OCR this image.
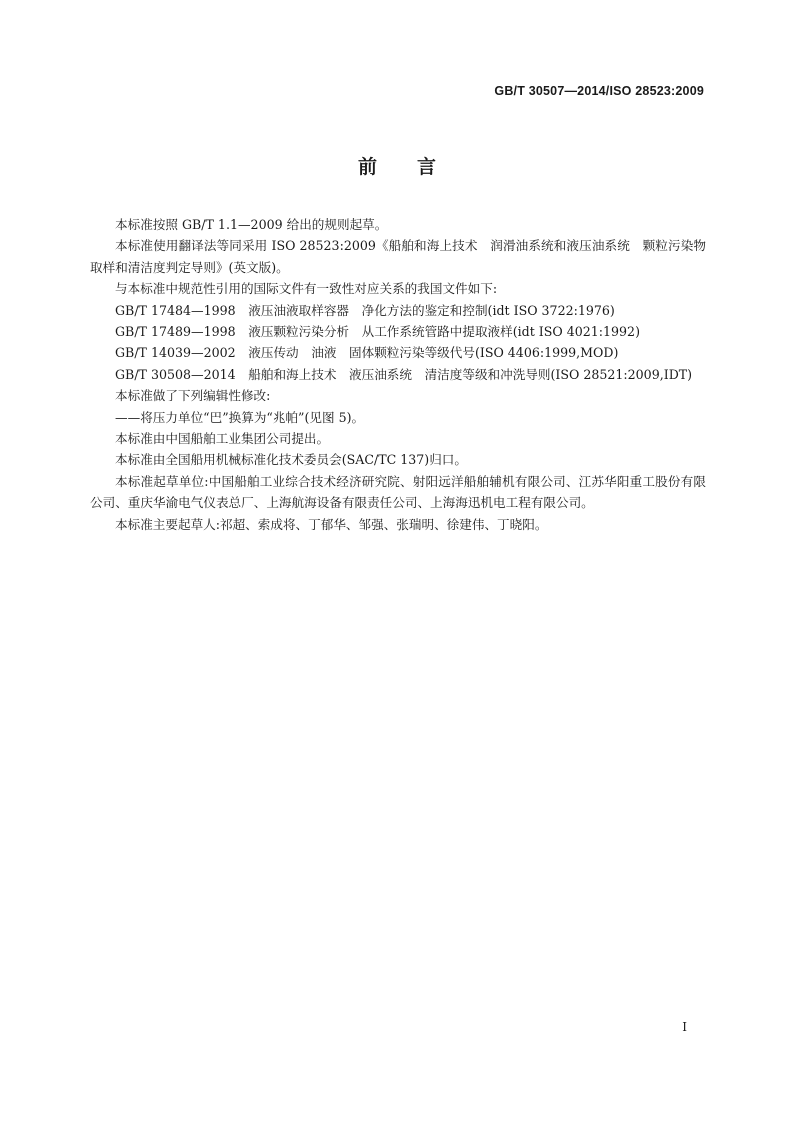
GB/T 30507—2014/ISO 28523:2009
前言

本标准按照 GB/T 1.1—2009 给出的规则起草。

本标准使用翻译法等同采用 ISO 28523:2009《船舶和海上技术　润滑油系统和液压油系统　颗粒污染物取样和清洁度判定导则》(英文版)。

与本标准中规范性引用的国际文件有一致性对应关系的我国文件如下:

GB/T 17484—1998　液压油液取样容器　净化方法的鉴定和控制(idt ISO 3722:1976)

GB/T 17489—1998　液压颗粒污染分析　从工作系统管路中提取液样(idt ISO 4021:1992)

GB/T 14039—2002　液压传动　油液　固体颗粒污染等级代号(ISO 4406:1999,MOD)

GB/T 30508—2014　船舶和海上技术　液压油系统　清洁度等级和冲洗导则(ISO 28521:2009,IDT)

本标准做了下列编辑性修改:

——将压力单位“巴”换算为“兆帕”(见图 5)。

本标准由中国船舶工业集团公司提出。

本标准由全国船用机械标准化技术委员会(SAC/TC 137)归口。

本标准起草单位:中国船舶工业综合技术经济研究院、射阳远洋船舶辅机有限公司、江苏华阳重工股份有限公司、重庆华渝电气仪表总厂、上海航海设备有限责任公司、上海海迅机电工程有限公司。

本标准主要起草人:祁超、索成将、丁郁华、邹强、张瑞明、徐建伟、丁晓阳。

I
